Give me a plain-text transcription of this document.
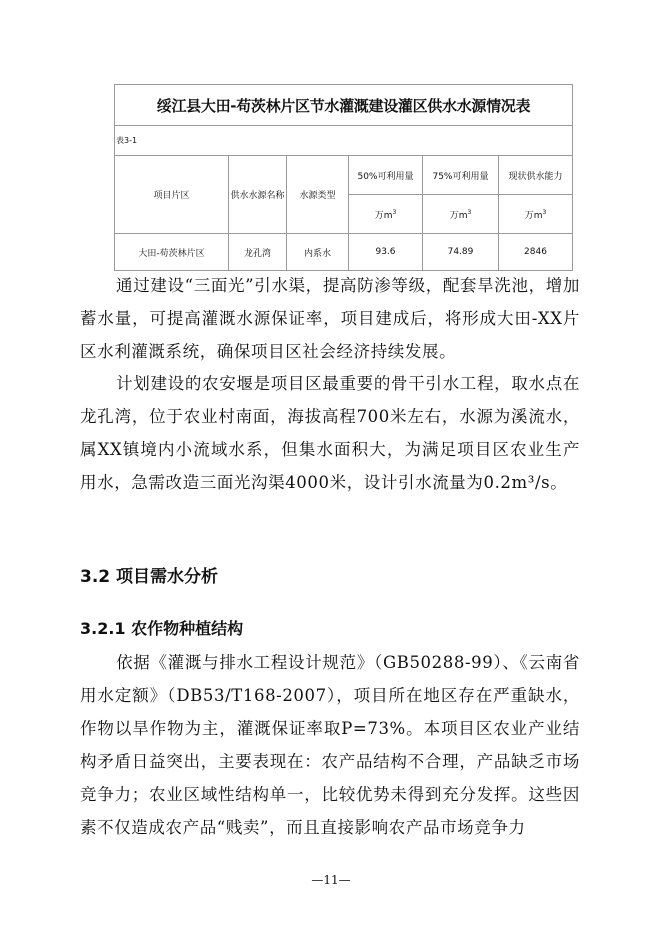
绥江县大田-苟茨林片区节水灌溉建设灌区供水水源情况表					
表3-1					
项目片区	供水水源名称	水源类型	50%可利用量	75%可利用量	现状供水能力
			万$m^3$	万$m^3$	万$m^3$
大田-苟茨林片区	龙孔湾	内系水	93.6	74.89	2846

通过建设“三面光”引水渠，提高防渗等级，配套旱洗池，增加蓄水量，可提高灌溉水源保证率，项目建成后，将形成大田-XX片区水利灌溉系统，确保项目区社会经济持续发展。

计划建设的农安堰是项目区最重要的骨干引水工程，取水点在龙孔湾，位于农业村南面，海拔高程700米左右，水源为溪流水，属XX镇境内小流域水系，但集水面积大，为满足项目区农业生产用水，急需改造三面光沟渠4000米，设计引水流量为0.2m³/s。

3.2 项目需水分析
3.2.1 农作物种植结构

依据《灌溉与排水工程设计规范》（GB50288-99）、《云南省用水定额》（DB53/T168-2007），项目所在地区存在严重缺水，作物以旱作物为主，灌溉保证率取P=73%。本项目区农业产业结构矛盾日益突出，主要表现在：农产品结构不合理，产品缺乏市场竞争力；农业区域性结构单一，比较优势未得到充分发挥。这些因素不仅造成农产品“贱卖”，而且直接影响农产品市场竞争力

—11—
